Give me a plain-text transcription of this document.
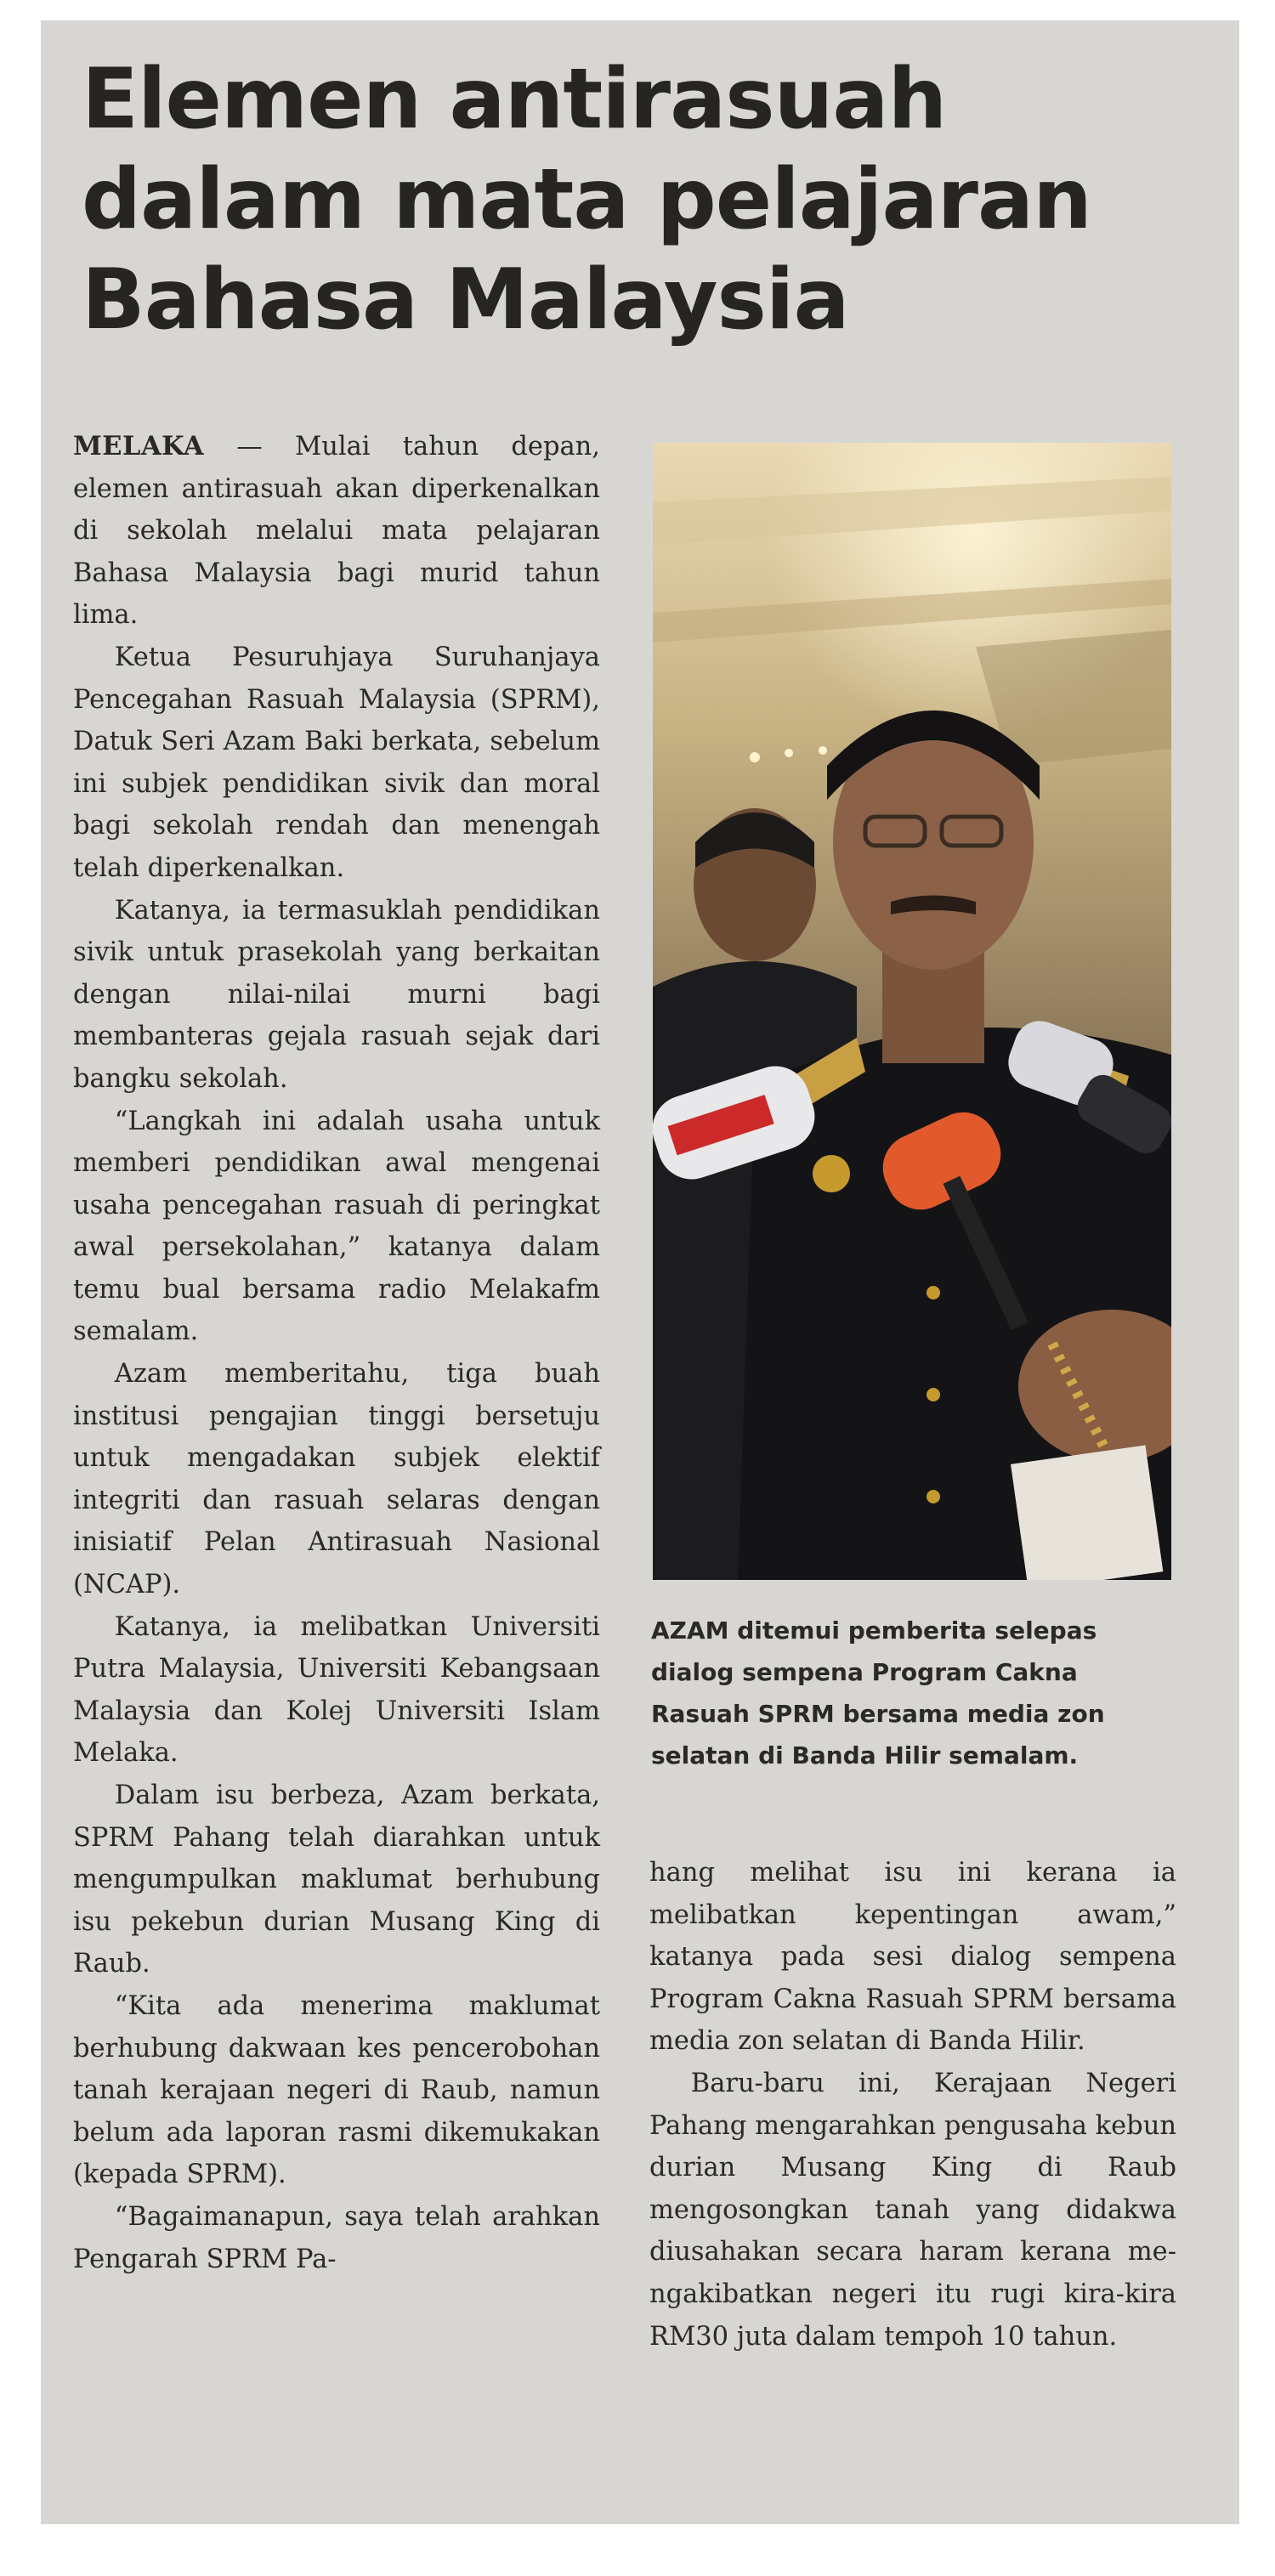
Elemen antirasuah
dalam mata pelajaran
Bahasa Malaysia

MELAKA — Mulai tahun depan, elemen antirasuah akan diperkenalkan di sekolah melalui mata pelajaran Bahasa Malaysia bagi murid tahun lima.

Ketua Pesuruhjaya Suruhanjaya Pencegahan Rasuah Malaysia (SPRM), Datuk Seri Azam Baki berkata, sebelum ini subjek pendidikan sivik dan moral bagi sekolah rendah dan menengah telah diperkenalkan.

Katanya, ia termasuklah pendidikan sivik untuk prasekolah yang berkaitan dengan nilai-nilai murni bagi membanteras gejala rasuah sejak dari bangku sekolah.

“Langkah ini adalah usaha untuk memberi pendidikan awal mengenai usaha pencegahan rasuah di peringkat awal persekolahan,” katanya dalam temu bual bersama radio Melakafm semalam.

Azam memberitahu, tiga buah institusi pengajian tinggi bersetuju untuk mengadakan subjek elektif integriti dan rasuah selaras dengan inisiatif Pelan Antirasuah Nasional (NCAP).

Katanya, ia melibatkan Universiti Putra Malaysia, Universiti Kebangsaan Malaysia dan Kolej Universiti Islam Melaka.

Dalam isu berbeza, Azam berkata, SPRM Pahang telah diarahkan untuk mengumpulkan maklumat berhubung isu pekebun durian Musang King di Raub.

“Kita ada menerima maklumat berhubung dakwaan kes pencerobohan tanah kerajaan negeri di Raub, namun belum ada laporan rasmi dikemukakan (kepada SPRM).

“Bagaimanapun, saya telah arahkan Pengarah SPRM Pa-

AZAM ditemui pemberita selepas dialog sempena Program Cakna Rasuah SPRM bersama media zon selatan di Banda Hilir semalam.

hang melihat isu ini kerana ia melibatkan kepentingan awam,” katanya pada sesi dialog sempena Program Cakna Rasuah SPRM bersama media zon selatan di Banda Hilir.

Baru-baru ini, Kerajaan Negeri Pahang mengarahkan pengusaha kebun durian Musang King di Raub mengosongkan tanah yang didakwa diusahakan secara haram kerana mengakibatkan negeri itu rugi kira-kira RM30 juta dalam tempoh 10 tahun.
